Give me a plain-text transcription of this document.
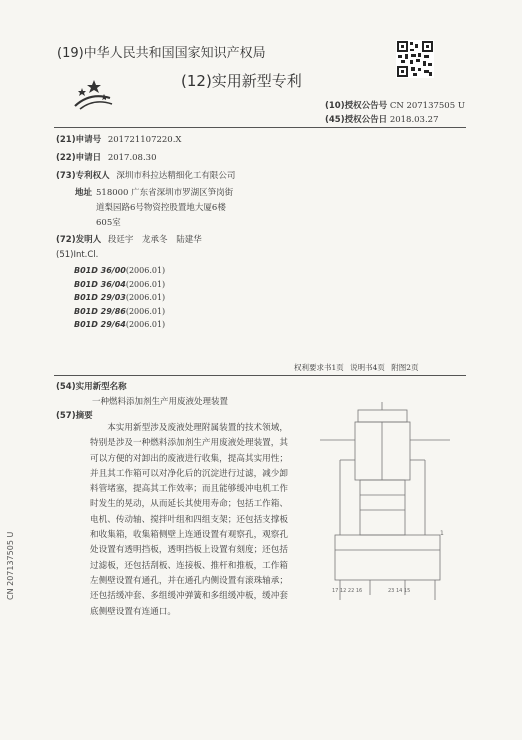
(19)中华人民共和国国家知识产权局
(12)实用新型专利
(10)授权公告号 CN 207137505 U
(45)授权公告日 2018.03.27
(21)申请号 201721107220.X
(22)申请日 2017.08.30
(73)专利权人 深圳市科拉达精细化工有限公司
地址 518000 广东省深圳市罗湖区笋岗街
道梨园路6号物资控股置地大厦6楼
605室
(72)发明人 段廷宇 龙承冬 陆建华
(51)Int.Cl.
B01D 36/00(2006.01)
B01D 36/04(2006.01)
B01D 29/03(2006.01)
B01D 29/86(2006.01)
B01D 29/64(2006.01)
权利要求书1页 说明书4页 附图2页
(54)实用新型名称
一种燃料添加剂生产用废液处理装置
(57)摘要

本实用新型涉及废液处理附属装置的技术领域，特别是涉及一种燃料添加剂生产用废液处理装置，其可以方便的对卸出的废液进行收集，提高其实用性；并且其工作箱可以对净化后的沉淀进行过滤，减少卸料管堵塞，提高其工作效率；而且能够缓冲电机工作时发生的晃动，从而延长其使用寿命；包括工作箱、电机、传动轴、搅拌叶组和四组支架；还包括支撑板和收集箱，收集箱侧壁上连通设置有观察孔，观察孔处设置有透明挡板，透明挡板上设置有刻度；还包括过滤板，还包括刮板、连接板、推杆和推板，工作箱左侧壁设置有通孔，并在通孔内侧设置有滚珠轴承；还包括缓冲套、多组缓冲弹簧和多组缓冲板，缓冲套底侧壁设置有连通口。

1
17 12 22 16	23 14 15
CN 207137505 U
